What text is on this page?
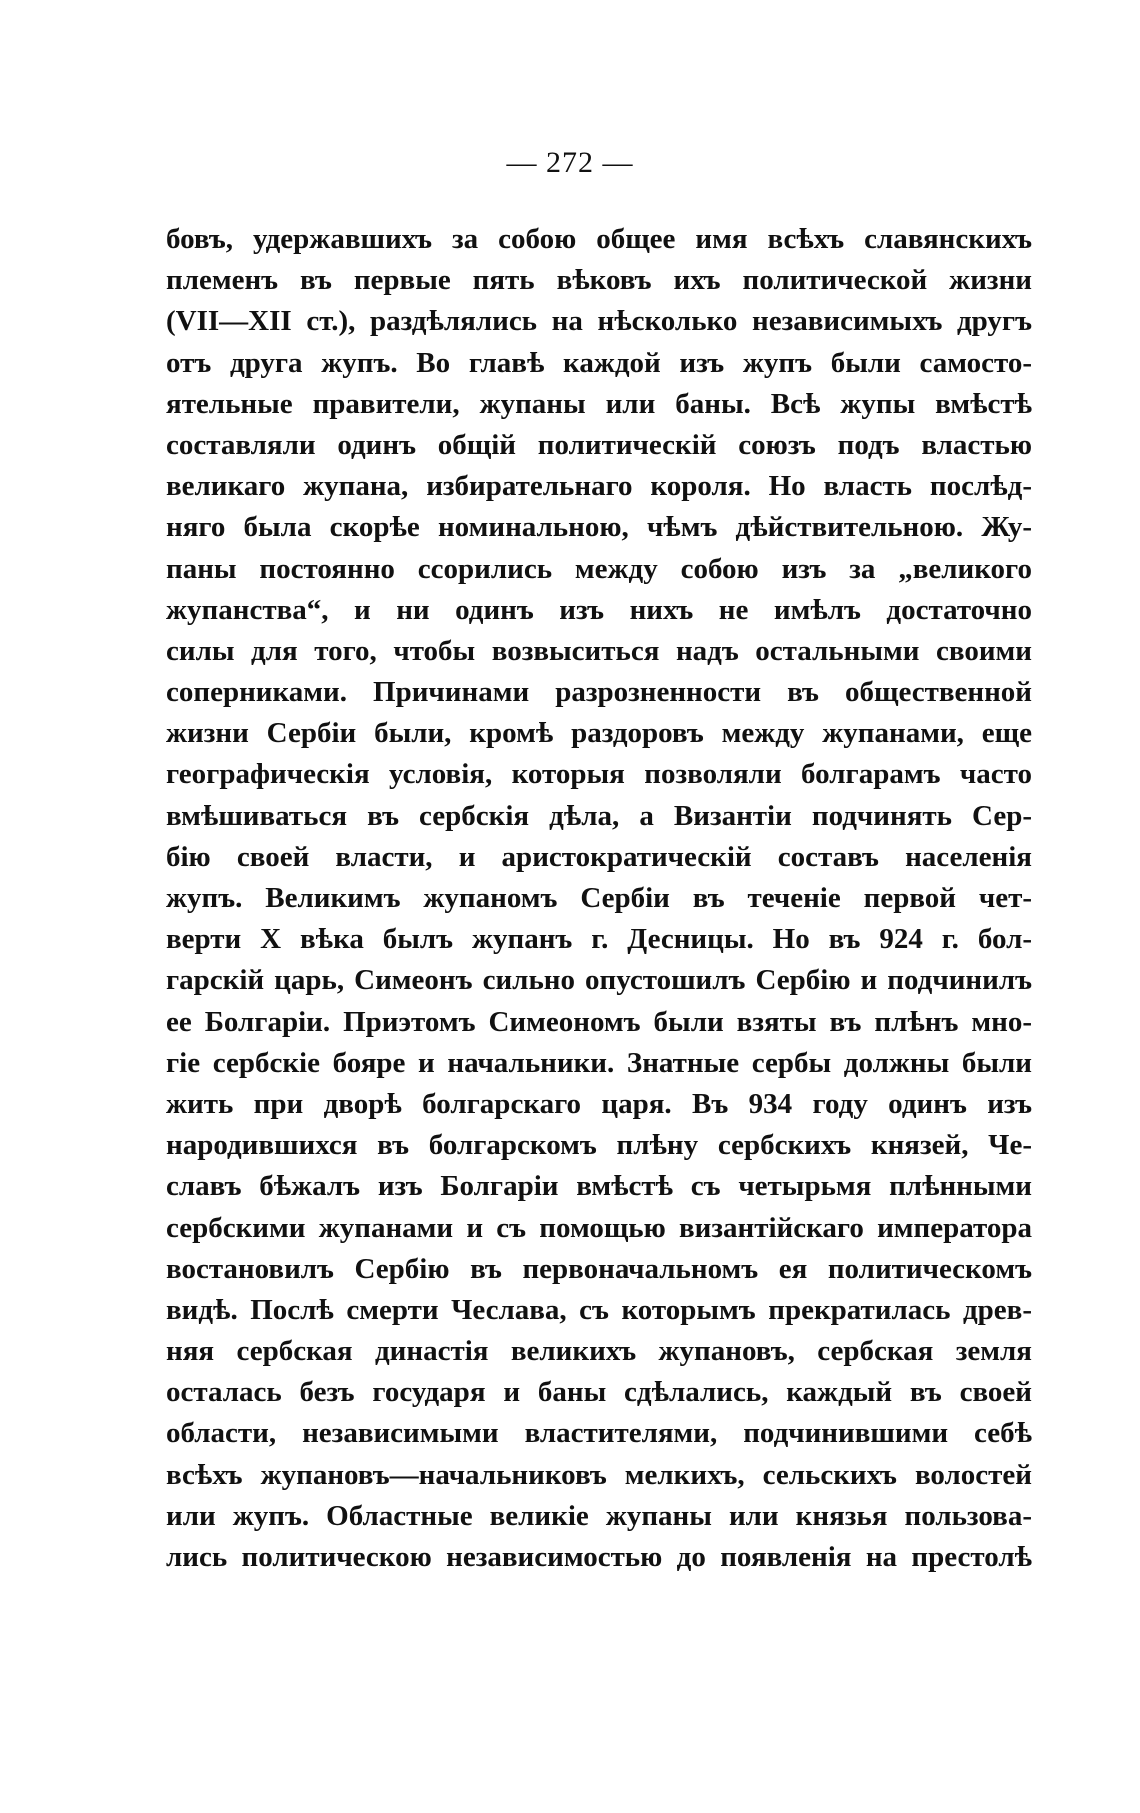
— 272 —
бовъ, удержавшихъ за собою общее имя всѣхъ славянскихъ
племенъ въ первые пять вѣковъ ихъ политической жизни
(VII—XII ст.), раздѣлялись на нѣсколько независимыхъ другъ
отъ друга жупъ. Во главѣ каждой изъ жупъ были самосто-
ятельные правители, жупаны или баны. Всѣ жупы вмѣстѣ
составляли одинъ общій политическій союзъ подъ властью
великаго жупана, избирательнаго короля. Но власть послѣд-
няго была скорѣе номинальною, чѣмъ дѣйствительною. Жу-
паны постоянно ссорились между собою изъ за „великого
жупанства“, и ни одинъ изъ нихъ не имѣлъ достаточно
силы для того, чтобы возвыситься надъ остальными своими
соперниками. Причинами разрозненности въ общественной
жизни Сербіи были, кромѣ раздоровъ между жупанами, еще
географическія условія, которыя позволяли болгарамъ часто
вмѣшиваться въ сербскія дѣла, а Византіи подчинять Сер-
бію своей власти, и аристократическій составъ населенія
жупъ. Великимъ жупаномъ Сербіи въ теченіе первой чет-
верти X вѣка былъ жупанъ г. Десницы. Но въ 924 г. бол-
гарскій царь, Симеонъ сильно опустошилъ Сербію и подчинилъ
ее Болгаріи. Приэтомъ Симеономъ были взяты въ плѣнъ мно-
гіе сербскіе бояре и начальники. Знатные сербы должны были
жить при дворѣ болгарскаго царя. Въ 934 году одинъ изъ
народившихся въ болгарскомъ плѣну сербскихъ князей, Че-
славъ бѣжалъ изъ Болгаріи вмѣстѣ съ четырьмя плѣнными
сербскими жупанами и съ помощью византійскаго императора
востановилъ Сербію въ первоначальномъ ея политическомъ
видѣ. Послѣ смерти Чеслава, съ которымъ прекратилась древ-
няя сербская династія великихъ жупановъ, сербская земля
осталась безъ государя и баны сдѣлались, каждый въ своей
области, независимыми властителями, подчинившими себѣ
всѣхъ жупановъ—начальниковъ мелкихъ, сельскихъ волостей
или жупъ. Областные великіе жупаны или князья пользова-
лись политическою независимостью до появленія на престолѣ
